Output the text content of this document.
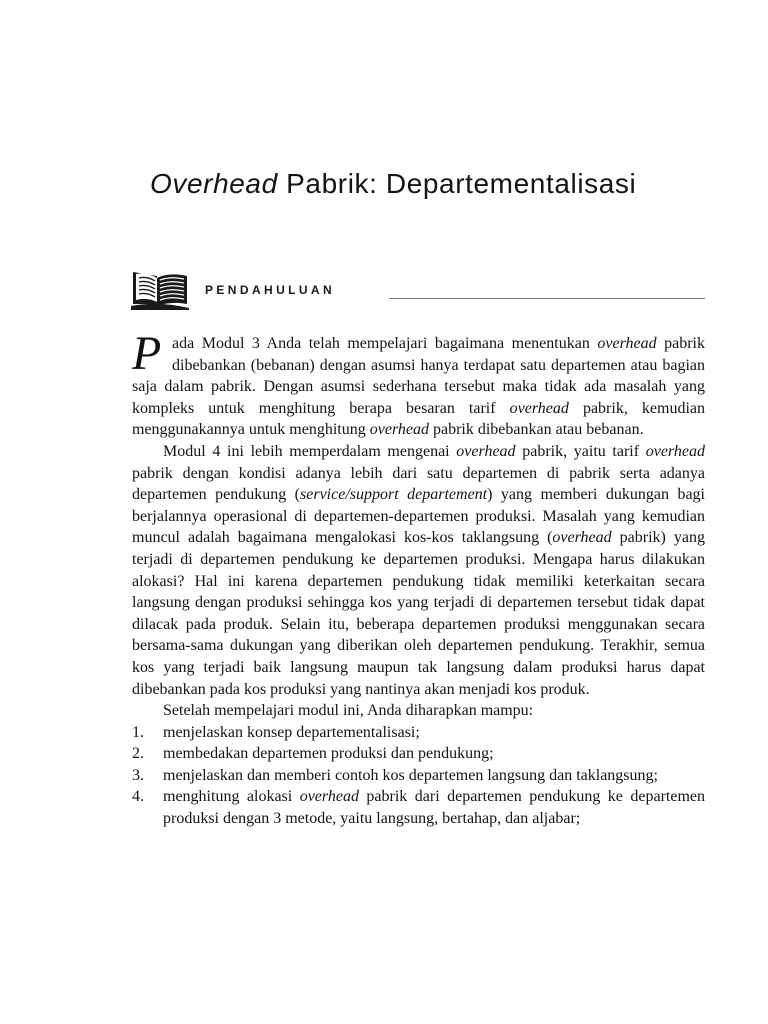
Overhead Pabrik: Departementalisasi
PENDAHULUAN

P ada Modul 3 Anda telah mempelajari bagaimana menentukan overhead pabrik dibebankan (bebanan) dengan asumsi hanya terdapat satu departemen atau bagian saja dalam pabrik. Dengan asumsi sederhana tersebut maka tidak ada masalah yang kompleks untuk menghitung berapa besaran tarif overhead pabrik, kemudian menggunakannya untuk menghitung overhead pabrik dibebankan atau bebanan.

Modul 4 ini lebih memperdalam mengenai overhead pabrik, yaitu tarif overhead pabrik dengan kondisi adanya lebih dari satu departemen di pabrik serta adanya departemen pendukung (service/support departement) yang memberi dukungan bagi berjalannya operasional di departemen-departemen produksi. Masalah yang kemudian muncul adalah bagaimana mengalokasi kos-kos taklangsung (overhead pabrik) yang terjadi di departemen pendukung ke departemen produksi. Mengapa harus dilakukan alokasi? Hal ini karena departemen pendukung tidak memiliki keterkaitan secara langsung dengan produksi sehingga kos yang terjadi di departemen tersebut tidak dapat dilacak pada produk. Selain itu, beberapa departemen produksi menggunakan secara bersama-sama dukungan yang diberikan oleh departemen pendukung. Terakhir, semua kos yang terjadi baik langsung maupun tak langsung dalam produksi harus dapat dibebankan pada kos produksi yang nantinya akan menjadi kos produk.

Setelah mempelajari modul ini, Anda diharapkan mampu:

1. menjelaskan konsep departementalisasi;
2. membedakan departemen produksi dan pendukung;
3. menjelaskan dan memberi contoh kos departemen langsung dan taklangsung;
4. menghitung alokasi overhead pabrik dari departemen pendukung ke departemen produksi dengan 3 metode, yaitu langsung, bertahap, dan aljabar;
